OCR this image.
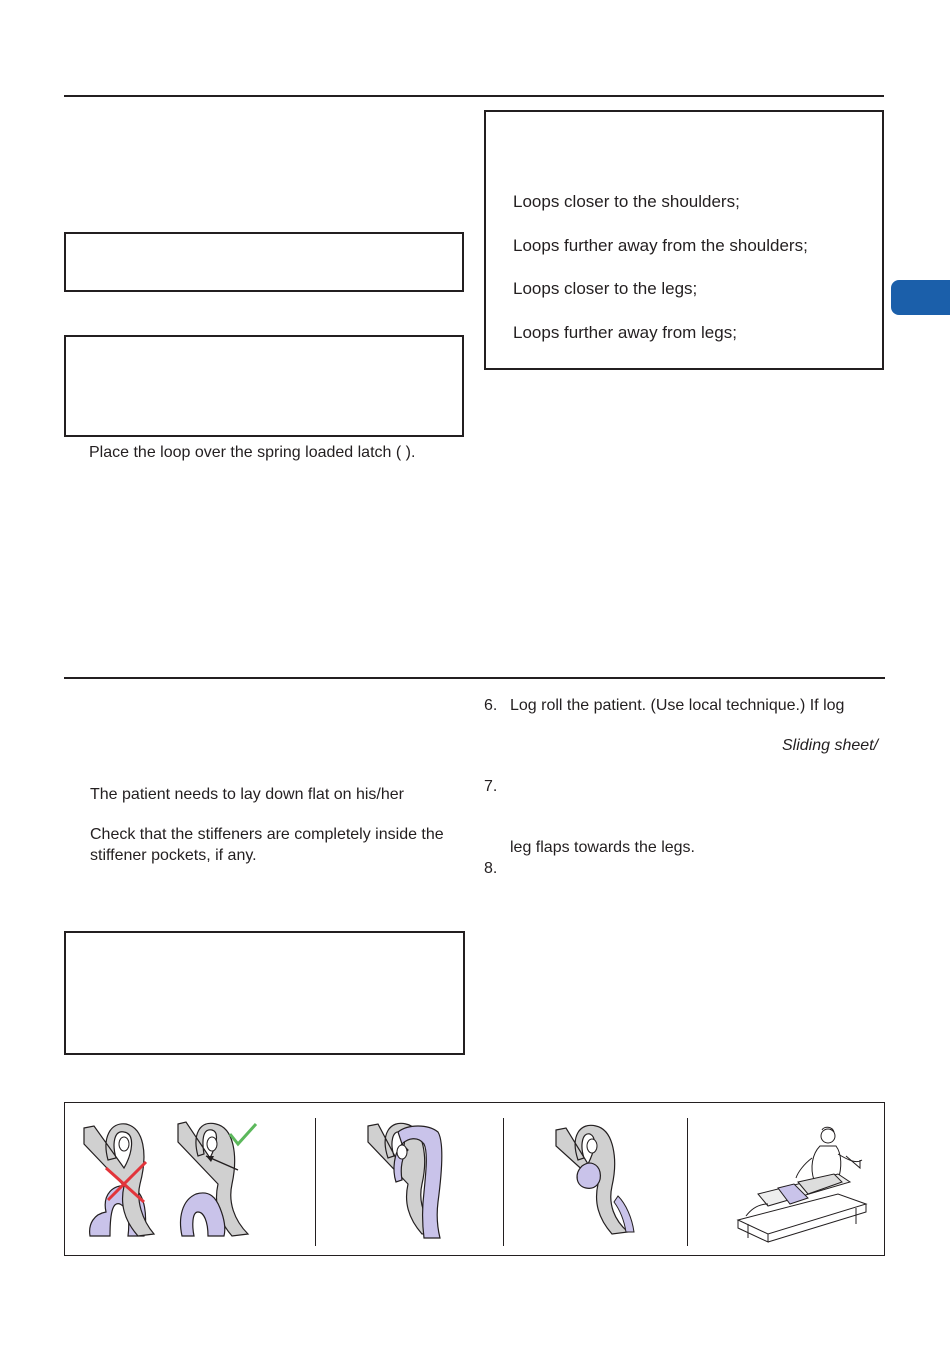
Place the loop over the spring loaded latch ( ).
Loops closer to the shoulders;
Loops further away from the shoulders;
Loops closer to the legs;
Loops further away from legs;
The patient needs to lay down flat on his/her
Check that the stiffeners are completely inside the
stiffener pockets, if any.
6. Log roll the patient. (Use local technique.) If log
Sliding sheet/
7.
leg flaps towards the legs.
8.
